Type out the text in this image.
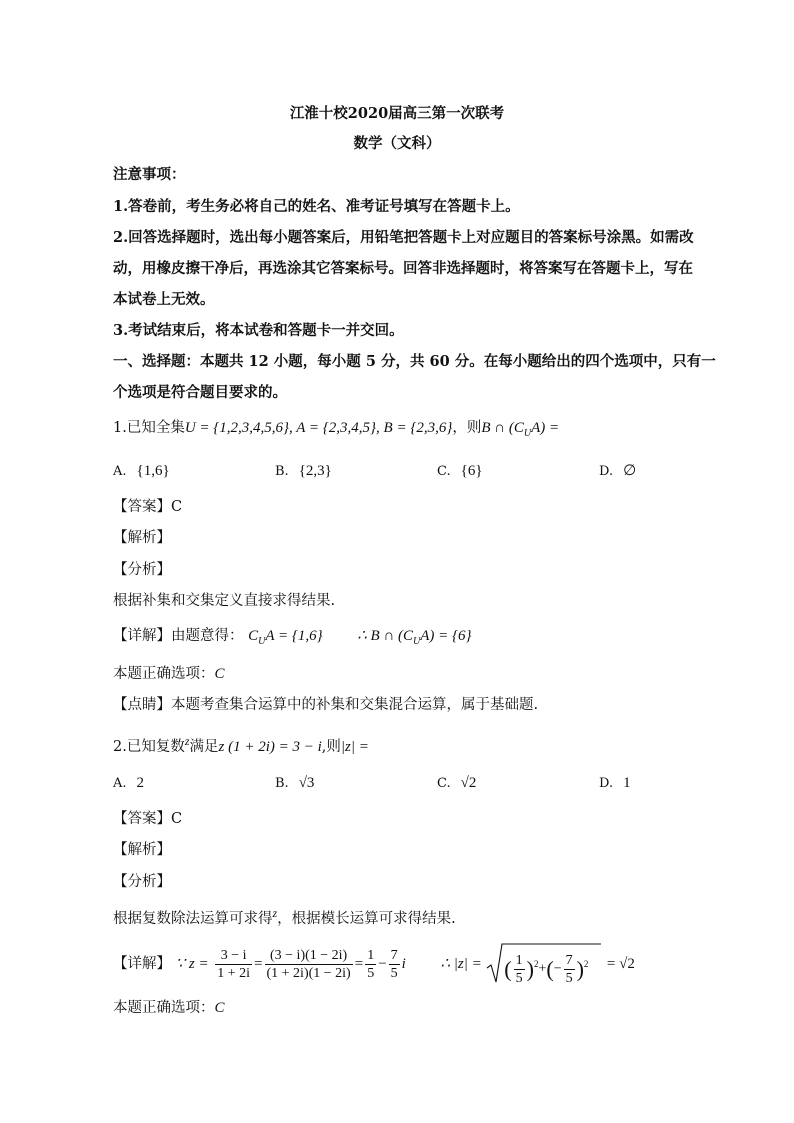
江淮十校2020届高三第一次联考
数学（文科）
注意事项：
1.答卷前，考生务必将自己的姓名、准考证号填写在答题卡上。
2.回答选择题时，选出每小题答案后，用铅笔把答题卡上对应题目的答案标号涂黑。如需改
动，用橡皮擦干净后，再选涂其它答案标号。回答非选择题时，将答案写在答题卡上，写在
本试卷上无效。
3.考试结束后，将本试卷和答题卡一并交回。
一、选择题：本题共 12 小题，每小题 5 分，共 60 分。在每小题给出的四个选项中，只有一
个选项是符合题目要求的。
1.已知全集U = {1,2,3,4,5,6}, A = {2,3,4,5}, B = {2,3,6}，则B ∩ $(C_UA)$ =
A. {1,6}	B. {2,3}	C. {6}	D. ∅
【答案】C
【解析】
【分析】
根据补集和交集定义直接求得结果.
【详解】由题意得： $C_UA = \{1,6\}$ ∴ B ∩ $(C_UA) = \{6\}$
本题正确选项：C
【点睛】本题考查集合运算中的补集和交集混合运算，属于基础题.
2.已知复数$^z$满足z (1 + 2i) = 3 − i,则|z| =
A. 2	B. √3	C. √2	D. 1
【答案】C
【解析】
【分析】
根据复数除法运算可求得$^z$，根据模长运算可求得结果.
【详解】 ∵ $z = \frac{3 - i}{1 + 2i} = \frac{(3 - i)(1 - 2i)}{(1 + 2i)(1 - 2i)} = \frac{1}{5} - \frac{7}{5}$ i ∴ |z| = ( $\frac{1}{5} )^2+(- \frac{7}{5} )^2 = √2$
本题正确选项：C
